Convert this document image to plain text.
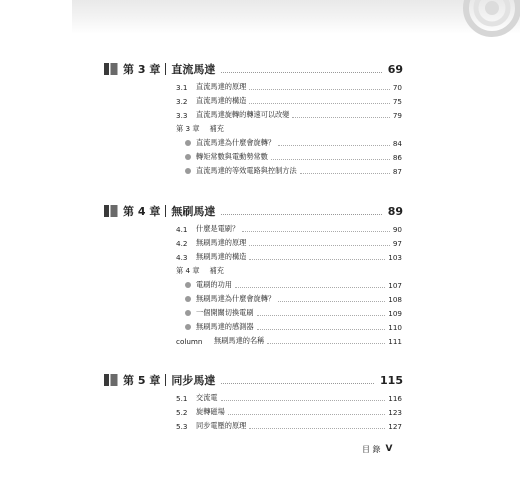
第 3 章 直流馬達	69
3.1	直流馬達的原理	70
3.2	直流馬達的構造	75
3.3	直流馬達旋轉的轉速可以改變	79
第 3 章 補充
直流馬達為什麼會旋轉？	84
轉矩常數與電動勢常數	86
直流馬達的等效電路與控制方法	87
第 4 章 無刷馬達	89
4.1	什麼是電刷？	90
4.2	無刷馬達的原理	97
4.3	無刷馬達的構造	103
第 4 章 補充
電刷的功用	107
無刷馬達為什麼會旋轉？	108
一個開關切換電刷	109
無刷馬達的感測器	110
column	無刷馬達的名稱	111
第 5 章 同步馬達	115
5.1	交流電	116
5.2	旋轉磁場	123
5.3	同步電壓的原理	127
目 錄 V
